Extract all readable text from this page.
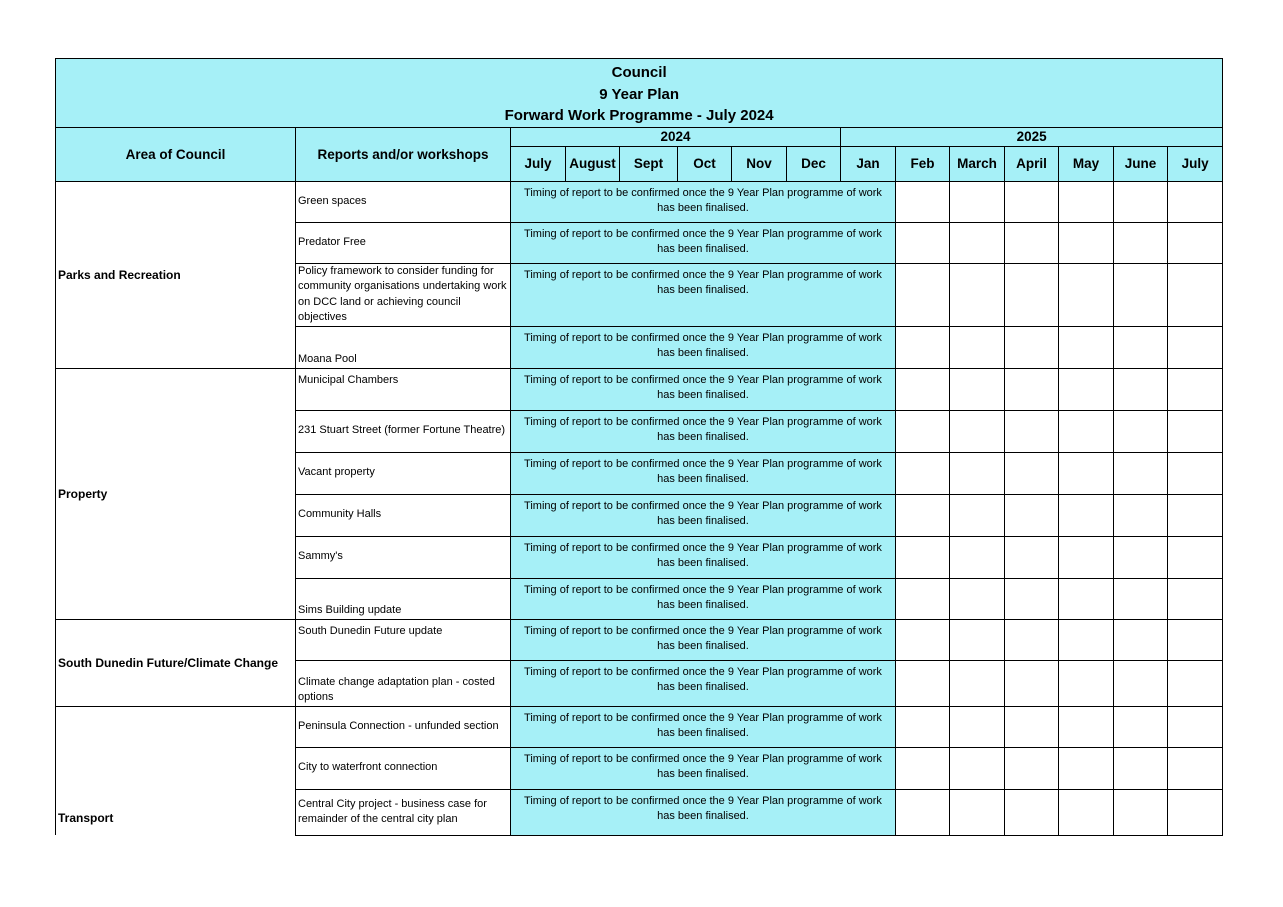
Council
9 Year Plan
Forward Work Programme - July 2024														

Area of Council	Reports and/or workshops	2024						2025						
		July	August	Sept	Oct	Nov	Dec	Jan	Feb	March	April	May	June	July
Parks and Recreation	Green spaces	Timing of report to be confirmed once the 9 Year Plan programme of work has been finalised.												
	Predator Free	Timing of report to be confirmed once the 9 Year Plan programme of work has been finalised.												
	Policy framework to consider funding for community organisations undertaking work on DCC land or achieving council objectives	Timing of report to be confirmed once the 9 Year Plan programme of work has been finalised.												
	Moana Pool	Timing of report to be confirmed once the 9 Year Plan programme of work has been finalised.												
Property	Municipal Chambers	Timing of report to be confirmed once the 9 Year Plan programme of work has been finalised.												
	231 Stuart Street (former Fortune Theatre)	Timing of report to be confirmed once the 9 Year Plan programme of work has been finalised.												
	Vacant property	Timing of report to be confirmed once the 9 Year Plan programme of work has been finalised.												
	Community Halls	Timing of report to be confirmed once the 9 Year Plan programme of work has been finalised.												
	Sammy's	Timing of report to be confirmed once the 9 Year Plan programme of work has been finalised.												
	Sims Building update	Timing of report to be confirmed once the 9 Year Plan programme of work has been finalised.												
South Dunedin Future/Climate Change	South Dunedin Future update	Timing of report to be confirmed once the 9 Year Plan programme of work has been finalised.												
	Climate change adaptation plan - costed options	Timing of report to be confirmed once the 9 Year Plan programme of work has been finalised.												
Transport	Peninsula Connection - unfunded section	Timing of report to be confirmed once the 9 Year Plan programme of work has been finalised.												
	City to waterfront connection	Timing of report to be confirmed once the 9 Year Plan programme of work has been finalised.												
	Central City project - business case for remainder of the central city plan	Timing of report to be confirmed once the 9 Year Plan programme of work has been finalised.												
